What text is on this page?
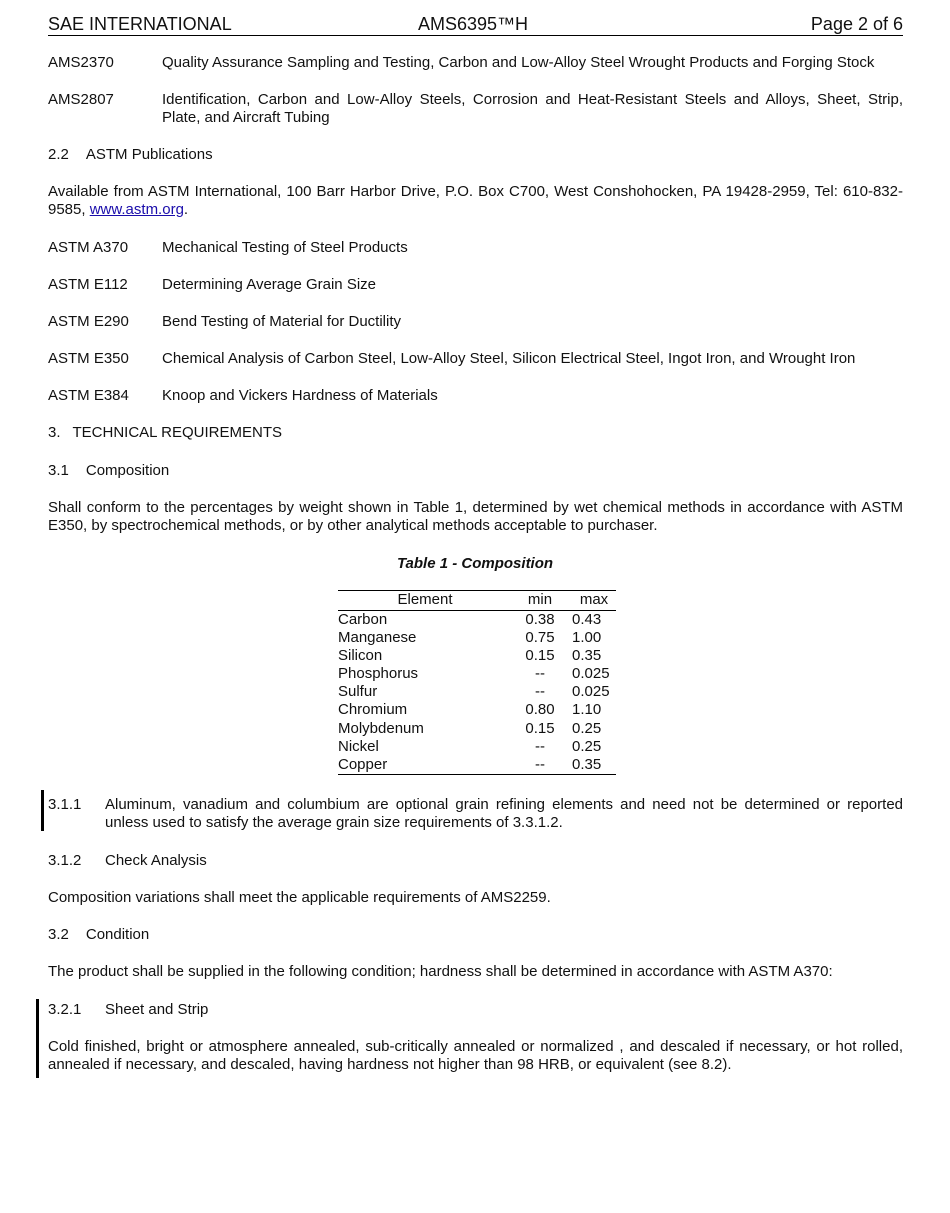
SAE INTERNATIONAL	AMS6395™H	Page 2 of 6
AMS2370	Quality Assurance Sampling and Testing, Carbon and Low-Alloy Steel Wrought Products and Forging Stock
AMS2807	Identification, Carbon and Low-Alloy Steels, Corrosion and Heat-Resistant Steels and Alloys, Sheet, Strip, Plate, and Aircraft Tubing
2.2 ASTM Publications
Available from ASTM International, 100 Barr Harbor Drive, P.O. Box C700, West Conshohocken, PA 19428-2959, Tel: 610-832-9585, www.astm.org.
ASTM A370 Mechanical Testing of Steel Products
ASTM E112 Determining Average Grain Size
ASTM E290 Bend Testing of Material for Ductility
ASTM E350 Chemical Analysis of Carbon Steel, Low-Alloy Steel, Silicon Electrical Steel, Ingot Iron, and Wrought Iron
ASTM E384 Knoop and Vickers Hardness of Materials
3. TECHNICAL REQUIREMENTS
3.1 Composition
Shall conform to the percentages by weight shown in Table 1, determined by wet chemical methods in accordance with ASTM E350, by spectrochemical methods, or by other analytical methods acceptable to purchaser.
Table 1 - Composition
Element	min	max
Carbon	0.38	0.43
Manganese	0.75	1.00
Silicon	0.15	0.35
Phosphorus	--	0.025
Sulfur	--	0.025
Chromium	0.80	1.10
Molybdenum	0.15	0.25
Nickel	--	0.25
Copper	--	0.35
3.1.1 Aluminum, vanadium and columbium are optional grain refining elements and need not be determined or reported unless used to satisfy the average grain size requirements of 3.3.1.2.
3.1.2 Check Analysis
Composition variations shall meet the applicable requirements of AMS2259.
3.2 Condition
The product shall be supplied in the following condition; hardness shall be determined in accordance with ASTM A370:
3.2.1 Sheet and Strip
Cold finished, bright or atmosphere annealed, sub-critically annealed or normalized , and descaled if necessary, or hot rolled, annealed if necessary, and descaled, having hardness not higher than 98 HRB, or equivalent (see 8.2).
